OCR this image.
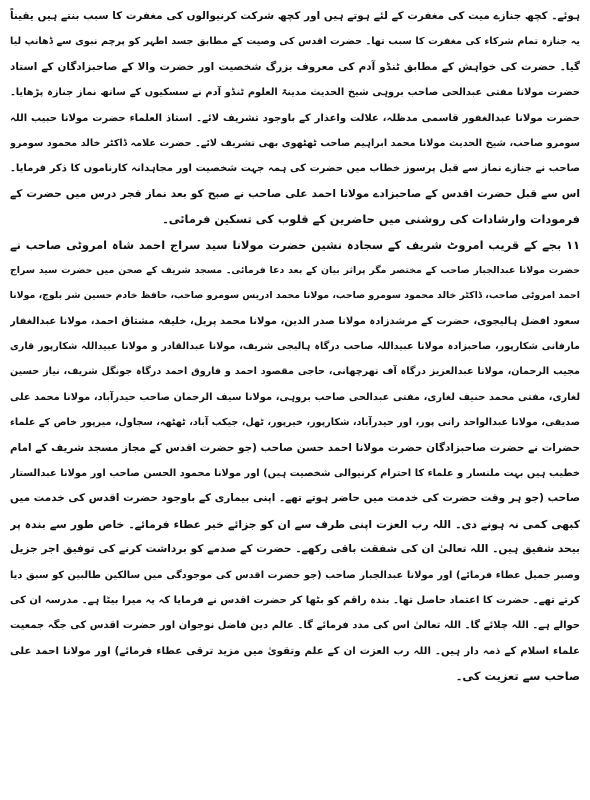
ہوئے۔ کچھ جنازے میت کی مغفرت کے لئے ہوتے ہیں اور کچھ شرکت کرنیوالوں کی مغفرت کا سبب بنتے ہیں یقیناً
یہ جنازہ تمام شرکاء کی مغفرت کا سبب تھا۔ حضرت اقدس کی وصیت کے مطابق جسد اطہر کو پرچم نبوی سے ڈھانپ لیا
گیا۔ حضرت کی خواہش کے مطابق ٹنڈو آدم کی معروف بزرگ شخصیت اور حضرت والا کے صاحبزادگان کے استاد
حضرت مولانا مفتی عبدالحی صاحب بروہی شیخ الحدیث مدینۃ العلوم ٹنڈو آدم نے سسکیوں کے ساتھ نماز جنازہ پڑھایا۔
حضرت مولانا عبدالغفور قاسمی مدظلہ، علالت واعذار کے باوجود تشریف لائے۔ استاذ العلماء حضرت مولانا حبیب اللہ
سومرو صاحب، شیخ الحدیث مولانا محمد ابراہیم صاحب ٹھٹھوی بھی تشریف لائے۔ حضرت علامہ ڈاکٹر خالد محمود سومرو
صاحب نے جنازے نماز سے قبل پرسوز خطاب میں حضرت کی ہمہ جہت شخصیت اور مجاہدانہ کارناموں کا ذکر فرمایا۔
اس سے قبل حضرت اقدس کے صاحبزادے مولانا احمد علی صاحب نے صبح کو بعد نماز فجر درس میں حضرت کے
فرمودات وارشادات کی روشنی میں حاضرین کے قلوب کی تسکین فرمائی۔
۱۱ بجے کے قریب امروٹ شریف کے سجادہ نشین حضرت مولانا سید سراج احمد شاہ امروٹی صاحب نے
حضرت مولانا عبدالجبار صاحب کے مختصر مگر پراثر بیان کے بعد دعا فرمائی۔ مسجد شریف کے صحن میں حضرت سید سراج
احمد امروٹی صاحب، ڈاکٹر خالد محمود سومرو صاحب، مولانا محمد ادریس سومرو صاحب، حافظ خادم حسین شر بلوچ، مولانا
سعود افضل ہالیجوی، حضرت کے مرشدزادہ مولانا صدر الدین، مولانا محمد پریل، خلیفہ مشتاق احمد، مولانا عبدالغفار
مارفانی شکارپور، صاحبزادہ مولانا عبیداللہ صاحب درگاہ ہالیجی شریف، مولانا عبدالقادر و مولانا عبیداللہ شکارپور قاری
مجیب الرحمان، مولانا عبدالعزیز درگاہ آف تھرچھانی، حاجی مقصود احمد و فاروق احمد درگاہ جونگل شریف، نیاز حسین
لغاری، مفتی محمد حنیف لغاری، مفتی عبدالحی صاحب بروہی، مولانا سیف الرحمان صاحب حیدرآباد، مولانا محمد علی
صدیقی، مولانا عبدالواحد رانی پور، اور حیدرآباد، شکارپور، خیرپور، ٹھل، جیکب آباد، ٹھٹھہ، سجاول، میرپور خاص کے علماء
حضرات نے حضرت صاحبزادگان حضرت مولانا احمد حسن صاحب (جو حضرت اقدس کے مجاز مسجد شریف کے امام
خطیب ہیں بہت ملنسار و علماء کا احترام کرنیوالی شخصیت ہیں) اور مولانا محمود الحسن صاحب اور مولانا عبدالستار
صاحب (جو ہر وقت حضرت کی خدمت میں حاضر ہوتے تھے۔ اپنی بیماری کے باوجود حضرت اقدس کی خدمت میں
کبھی کمی نہ ہونے دی۔ اللہ رب العزت اپنی طرف سے ان کو جزائے خیر عطاء فرمائے۔ خاص طور سے بندہ پر
بیحد شفیق ہیں۔ اللہ تعالیٰ ان کی شفقت باقی رکھے۔ حضرت کے صدمے کو برداشت کرنے کی توفیق اجر جزیل
وصبر جمیل عطاء فرمائے) اور مولانا عبدالجبار صاحب (جو حضرت اقدس کی موجودگی میں سالکین طالبین کو سبق دیا
کرتے تھے۔ حضرت کا اعتماد حاصل تھا۔ بندہ راقم کو بٹھا کر حضرت اقدس نے فرمایا کہ یہ میرا بیٹا ہے۔ مدرسہ ان کی
حوالے ہے۔ اللہ چلائے گا۔ اللہ تعالیٰ اس کی مدد فرمائے گا۔ عالم دین فاضل نوجوان اور حضرت اقدس کی جگہ جمعیت
علماء اسلام کے ذمہ دار ہیں۔ اللہ رب العزت ان کے علم وتقویٰ میں مزید ترقی عطاء فرمائے) اور مولانا احمد علی
صاحب سے تعزیت کی۔
